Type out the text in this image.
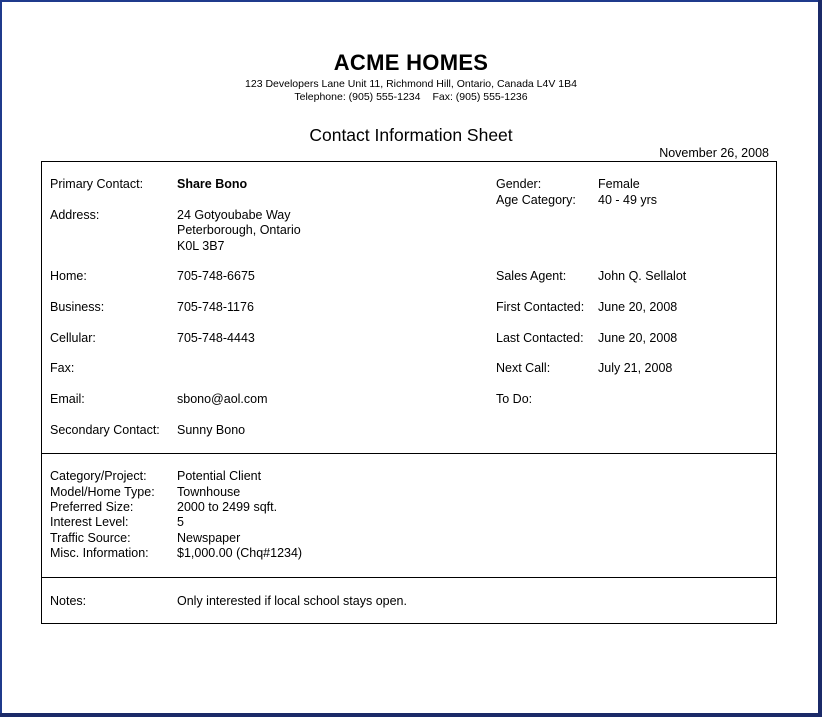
ACME HOMES
123 Developers Lane Unit 11, Richmond Hill, Ontario, Canada L4V 1B4
Telephone: (905) 555-1234 Fax: (905) 555-1236
Contact Information Sheet
November 26, 2008
Primary Contact:	Share Bono
Address:	24 Gotyoubabe Way
Peterborough, Ontario
K0L 3B7
Home:	705-748-6675
Business:	705-748-1176
Cellular:	705-748-4443
Fax:
Email:	sbono@aol.com
Secondary Contact: Sunny Bono
Gender:	Female
Age Category: 40 - 49 yrs
Sales Agent:	John Q. Sellalot
First Contacted: June 20, 2008
Last Contacted: June 20, 2008
Next Call:	July 21, 2008
To Do:
Category/Project: Potential Client
Model/Home Type: Townhouse
Preferred Size:	2000 to 2499 sqft.
Interest Level:	5
Traffic Source:	Newspaper
Misc. Information: $1,000.00 (Chq#1234)
Notes:	Only interested if local school stays open.
